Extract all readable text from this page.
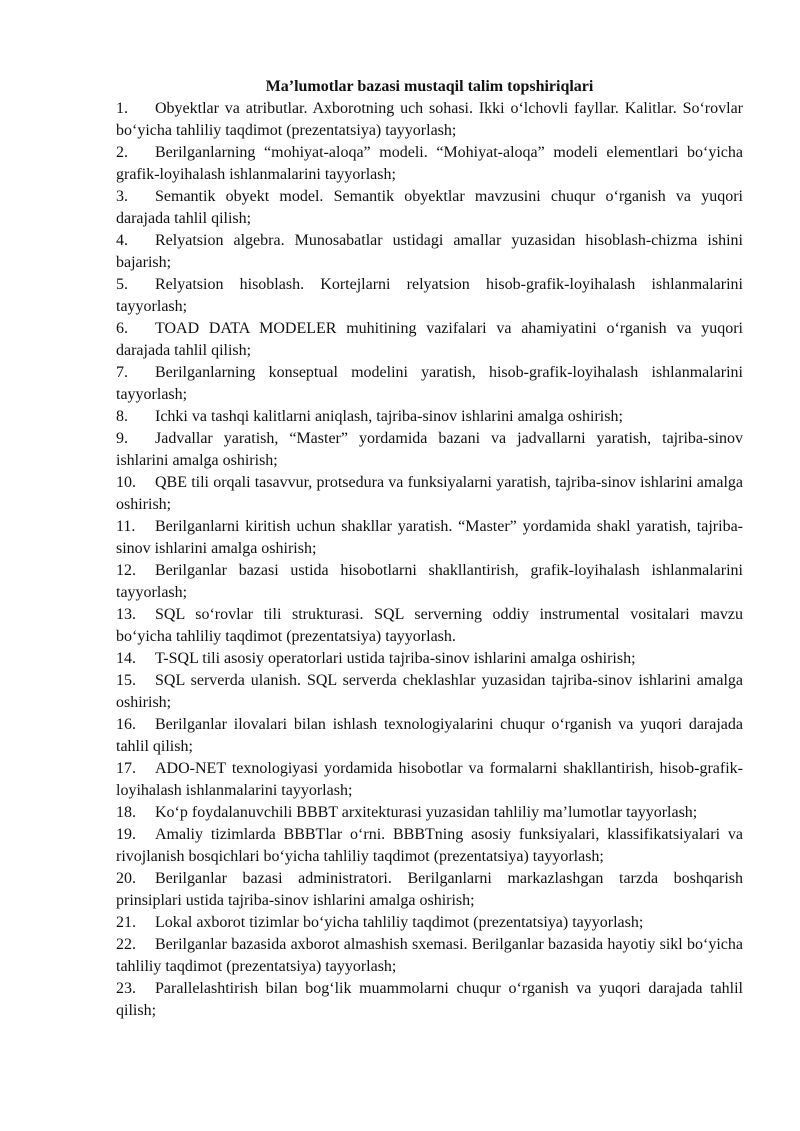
Ma’lumotlar bazasi mustaqil talim topshiriqlari
1. Obyektlar va atributlar. Axborotning uch sohasi. Ikki o‘lchovli fayllar. Kalitlar. So‘rovlar bo‘yicha tahliliy taqdimot (prezentatsiya) tayyorlash;
2. Berilganlarning “mohiyat-aloqa” modeli. “Mohiyat-aloqa” modeli elementlari bo‘yicha grafik-loyihalash ishlanmalarini tayyorlash;
3. Semantik obyekt model. Semantik obyektlar mavzusini chuqur o‘rganish va yuqori darajada tahlil qilish;
4. Relyatsion algebra. Munosabatlar ustidagi amallar yuzasidan hisoblash-chizma ishini bajarish;
5. Relyatsion hisoblash. Kortejlarni relyatsion hisob-grafik-loyihalash ishlanmalarini tayyorlash;
6. TOAD DATA MODELER muhitining vazifalari va ahamiyatini o‘rganish va yuqori darajada tahlil qilish;
7. Berilganlarning konseptual modelini yaratish, hisob-grafik-loyihalash ishlanmalarini tayyorlash;
8. Ichki va tashqi kalitlarni aniqlash, tajriba-sinov ishlarini amalga oshirish;
9. Jadvallar yaratish, “Master” yordamida bazani va jadvallarni yaratish, tajriba-sinov ishlarini amalga oshirish;
10. QBE tili orqali tasavvur, protsedura va funksiyalarni yaratish, tajriba-sinov ishlarini amalga oshirish;
11. Berilganlarni kiritish uchun shakllar yaratish. “Master” yordamida shakl yaratish, tajriba-sinov ishlarini amalga oshirish;
12. Berilganlar bazasi ustida hisobotlarni shakllantirish, grafik-loyihalash ishlanmalarini tayyorlash;
13. SQL so‘rovlar tili strukturasi. SQL serverning oddiy instrumental vositalari mavzu bo‘yicha tahliliy taqdimot (prezentatsiya) tayyorlash.
14. T-SQL tili asosiy operatorlari ustida tajriba-sinov ishlarini amalga oshirish;
15. SQL serverda ulanish. SQL serverda cheklashlar yuzasidan tajriba-sinov ishlarini amalga oshirish;
16. Berilganlar ilovalari bilan ishlash texnologiyalarini chuqur o‘rganish va yuqori darajada tahlil qilish;
17. ADO-NET texnologiyasi yordamida hisobotlar va formalarni shakllantirish, hisob-grafik-loyihalash ishlanmalarini tayyorlash;
18. Ko‘p foydalanuvchili BBBT arxitekturasi yuzasidan tahliliy ma’lumotlar tayyorlash;
19. Amaliy tizimlarda BBBTlar o‘rni. BBBTning asosiy funksiyalari, klassifikatsiyalari va rivojlanish bosqichlari bo‘yicha tahliliy taqdimot (prezentatsiya) tayyorlash;
20. Berilganlar bazasi administratori. Berilganlarni markazlashgan tarzda boshqarish prinsiplari ustida tajriba-sinov ishlarini amalga oshirish;
21. Lokal axborot tizimlar bo‘yicha tahliliy taqdimot (prezentatsiya) tayyorlash;
22. Berilganlar bazasida axborot almashish sxemasi. Berilganlar bazasida hayotiy sikl bo‘yicha tahliliy taqdimot (prezentatsiya) tayyorlash;
23. Parallelashtirish bilan bog‘lik muammolarni chuqur o‘rganish va yuqori darajada tahlil qilish;
